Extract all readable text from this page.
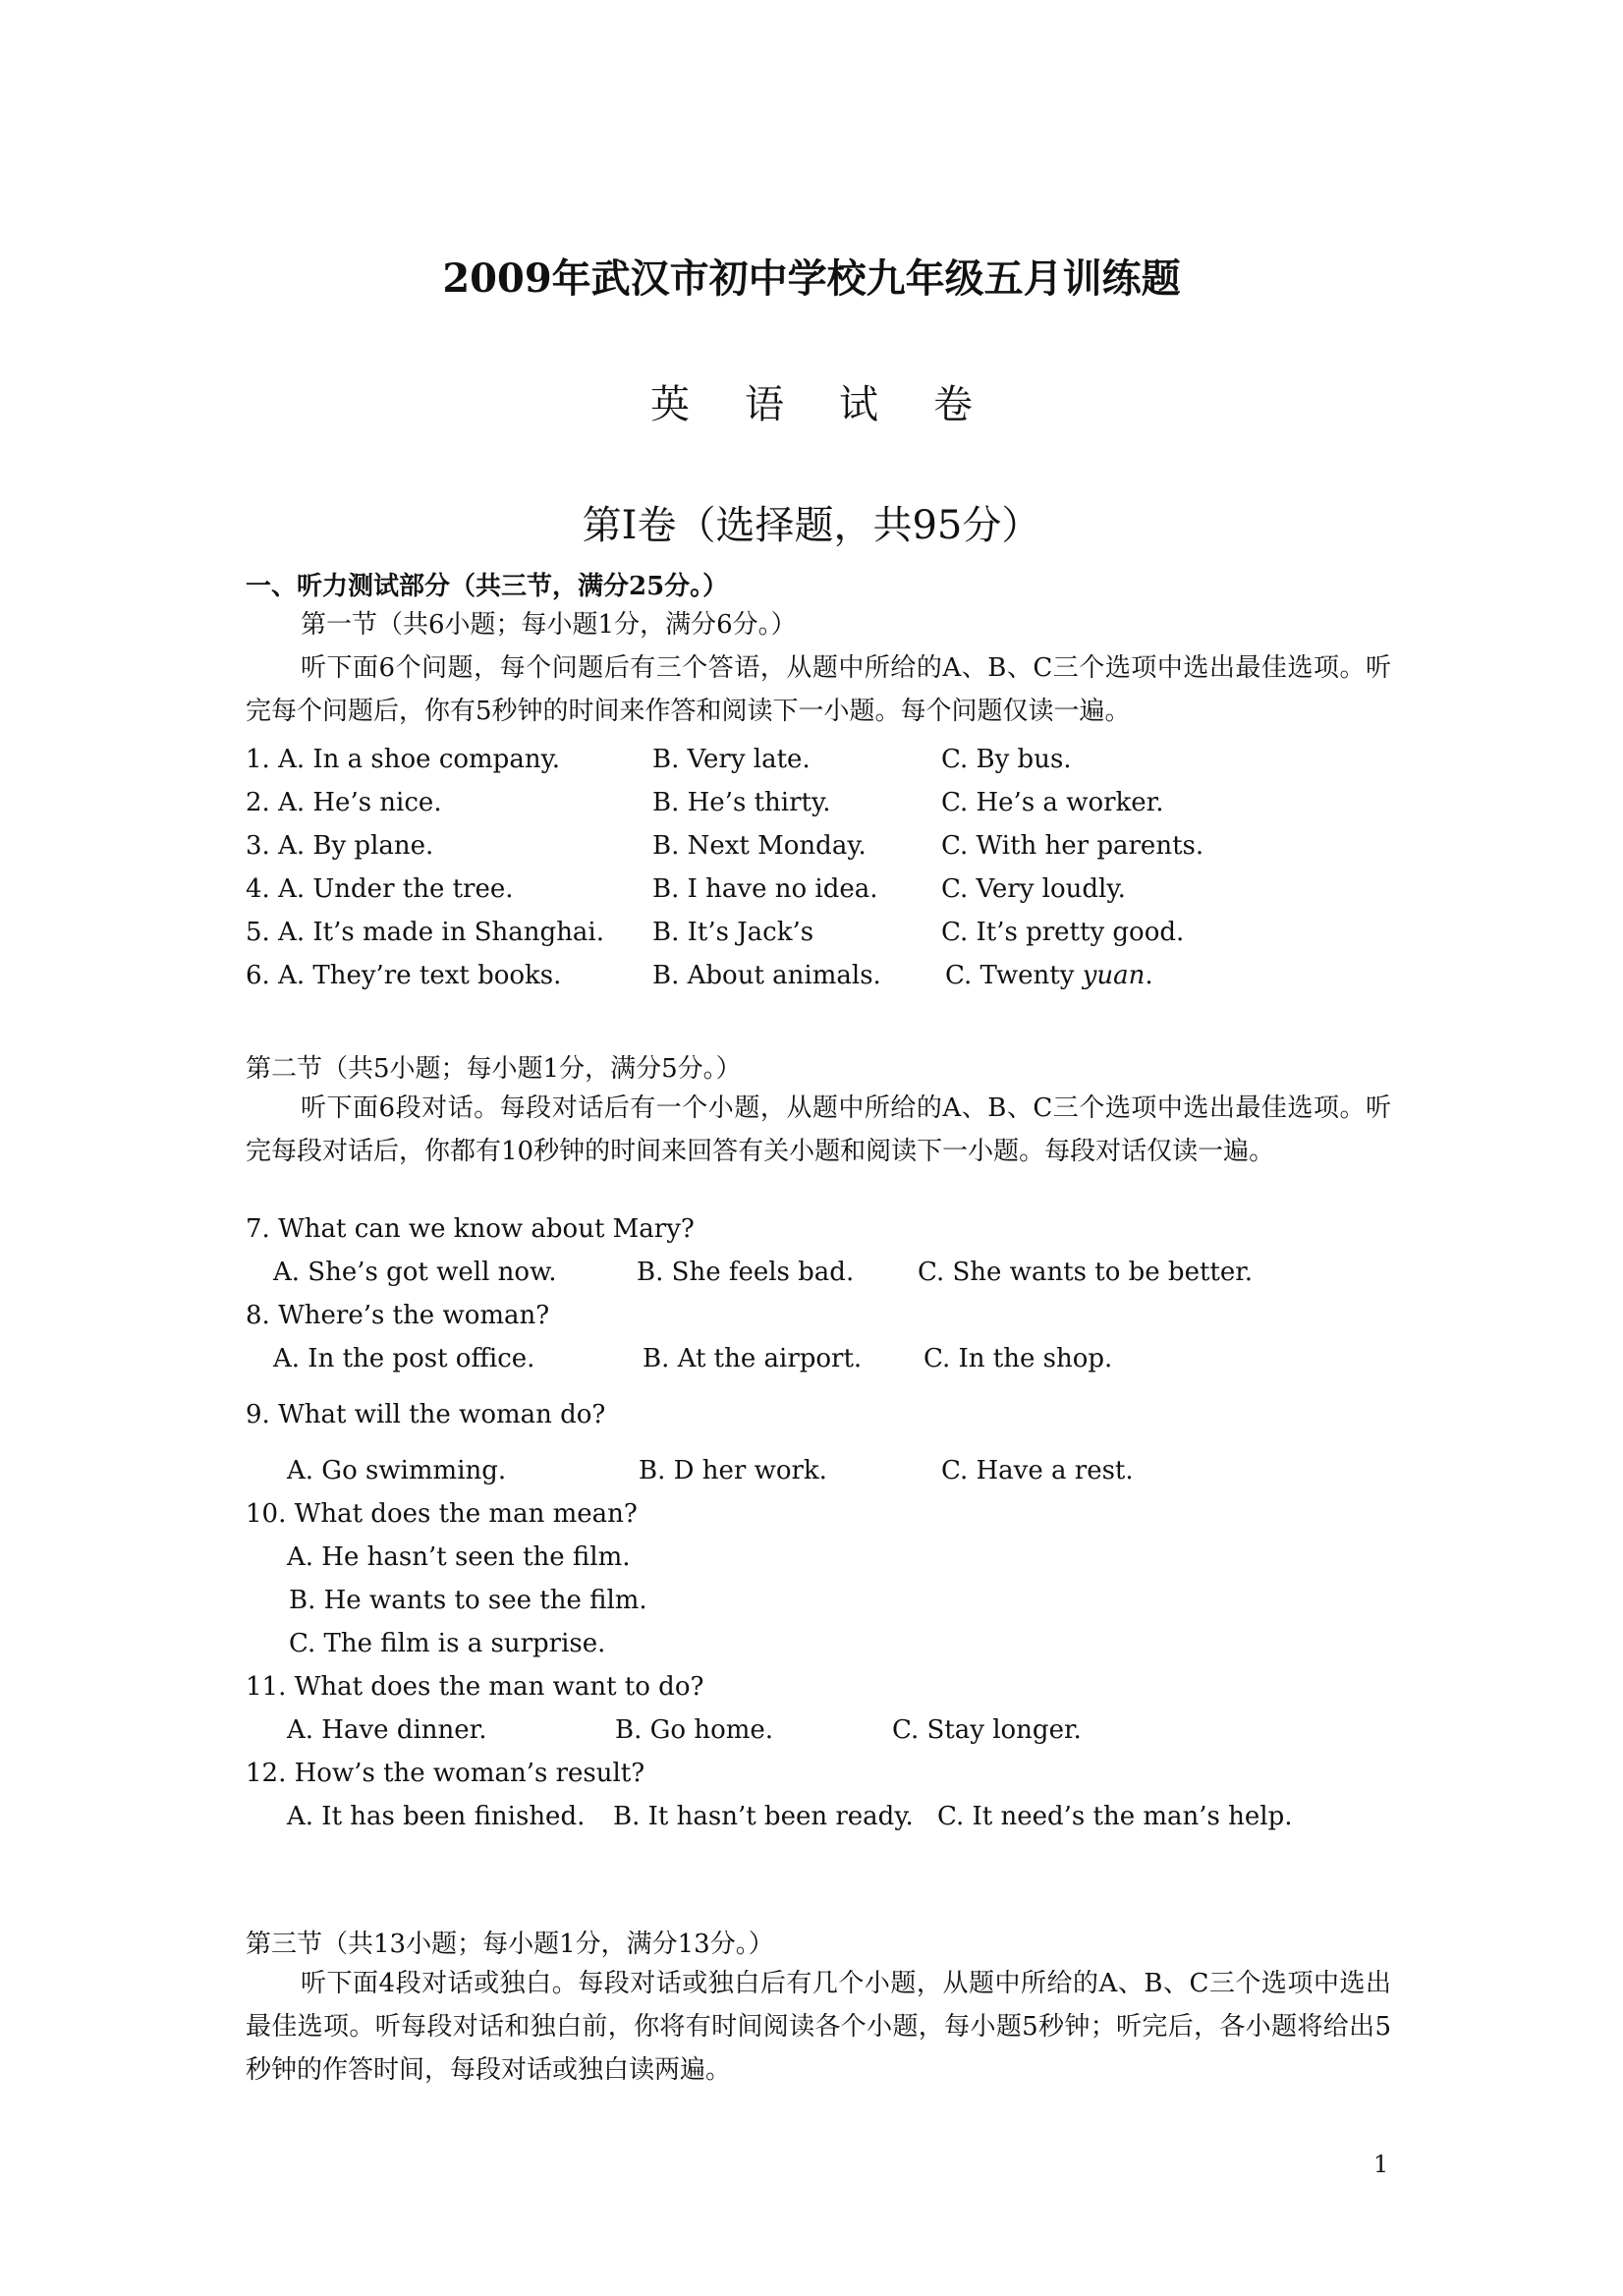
2009年武汉市初中学校九年级五月训练题
英语试卷
第I卷（选择题，共95分）
一、听力测试部分（共三节，满分25分。）
第一节（共6小题；每小题1分，满分6分。）
听下面6个问题，每个问题后有三个答语，从题中所给的A、B、C三个选项中选出最佳选项。听完每个问题后，你有5秒钟的时间来作答和阅读下一小题。每个问题仅读一遍。
1. A. In a shoe company.	B. Very late.	C. By bus.
2. A. He’s nice.	B. He’s thirty.	C. He’s a worker.
3. A. By plane.	B. Next Monday.	C. With her parents.
4. A. Under the tree.	B. I have no idea. C. Very loudly.
5. A. It’s made in Shanghai. B. It’s Jack’s	C. It’s pretty good.
6. A. They’re text books.	B. About animals.	C. Twenty yuan.
第二节（共5小题；每小题1分，满分5分。）
听下面6段对话。每段对话后有一个小题，从题中所给的A、B、C三个选项中选出最佳选项。听完每段对话后，你都有10秒钟的时间来回答有关小题和阅读下一小题。每段对话仅读一遍。
7. What can we know about Mary?
A. She’s got well now.	B. She feels bad. C. She wants to be better.
8. Where’s the woman?
A. In the post office.	B. At the airport. C. In the shop.
9. What will the woman do?
A. Go swimming.	B. D her work.	C. Have a rest.
10. What does the man mean?
A. He hasn’t seen the film.
B. He wants to see the film.
C. The film is a surprise.
11. What does the man want to do?
A. Have dinner.	B. Go home.	C. Stay longer.
12. How’s the woman’s result?
A. It has been finished. B. It hasn’t been ready. C. It need’s the man’s help.
第三节（共13小题；每小题1分，满分13分。）
听下面4段对话或独白。每段对话或独白后有几个小题，从题中所给的A、B、C三个选项中选出最佳选项。听每段对话和独白前，你将有时间阅读各个小题，每小题5秒钟；听完后，各小题将给出5秒钟的作答时间，每段对话或独白读两遍。
1
